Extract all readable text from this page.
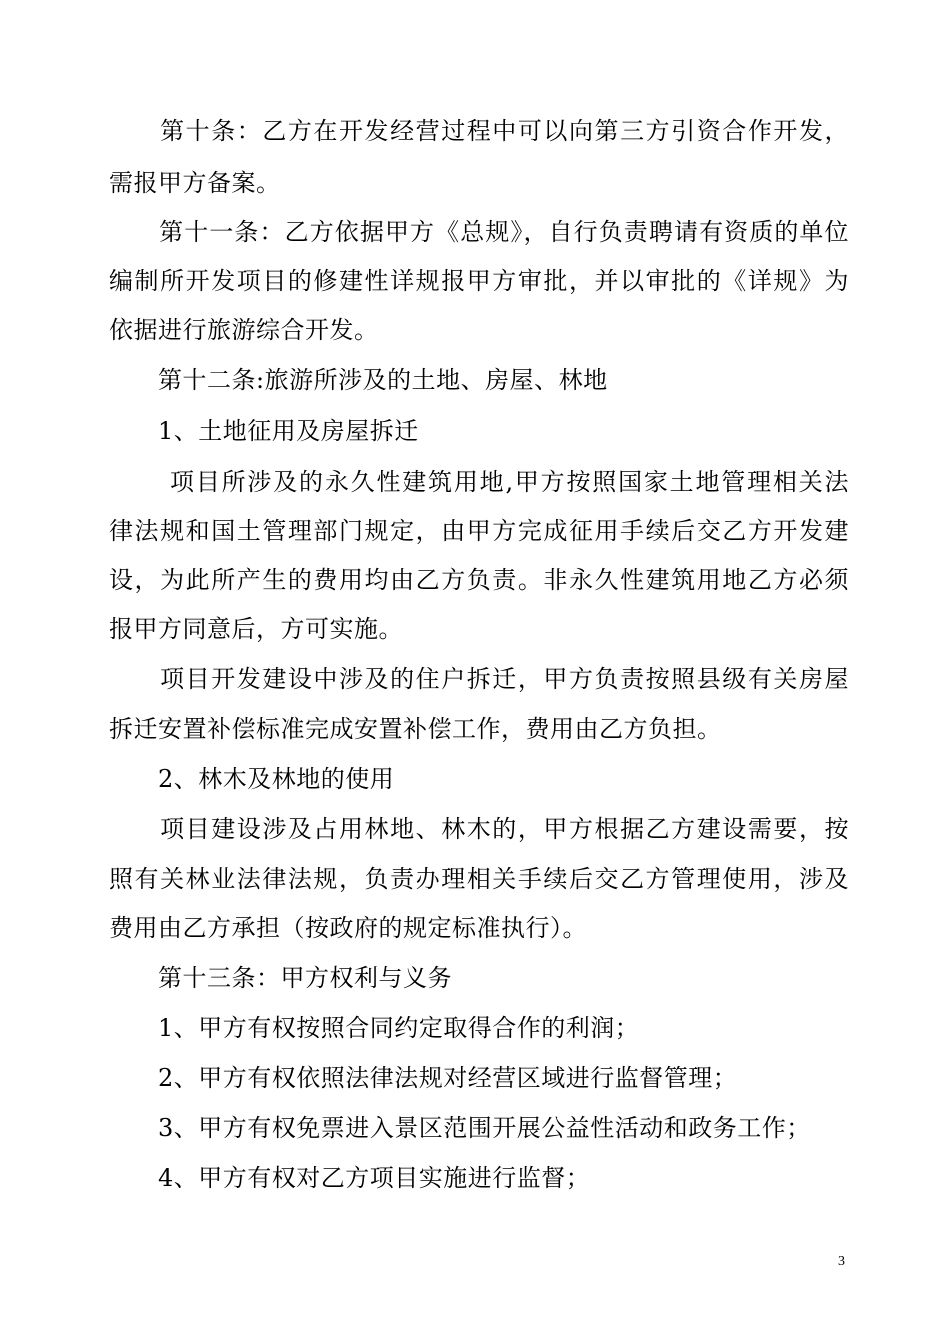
　　第十条：乙方在开发经营过程中可以向第三方引资合作开发，
需报甲方备案。
　　第十一条：乙方依据甲方《总规》，自行负责聘请有资质的单位
编制所开发项目的修建性详规报甲方审批，并以审批的《详规》为
依据进行旅游综合开发。
　　第十二条:旅游所涉及的土地、房屋、林地
　　1、土地征用及房屋拆迁
　　 项目所涉及的永久性建筑用地,甲方按照国家土地管理相关法
律法规和国土管理部门规定，由甲方完成征用手续后交乙方开发建
设，为此所产生的费用均由乙方负责。非永久性建筑用地乙方必须
报甲方同意后，方可实施。
　　项目开发建设中涉及的住户拆迁，甲方负责按照县级有关房屋
拆迁安置补偿标准完成安置补偿工作，费用由乙方负担。
　　2、林木及林地的使用
　　项目建设涉及占用林地、林木的，甲方根据乙方建设需要，按
照有关林业法律法规，负责办理相关手续后交乙方管理使用，涉及
费用由乙方承担（按政府的规定标准执行）。
　　第十三条：甲方权利与义务
　　1、甲方有权按照合同约定取得合作的利润；
　　2、甲方有权依照法律法规对经营区域进行监督管理；
　　3、甲方有权免票进入景区范围开展公益性活动和政务工作；
　　4、甲方有权对乙方项目实施进行监督；
3
